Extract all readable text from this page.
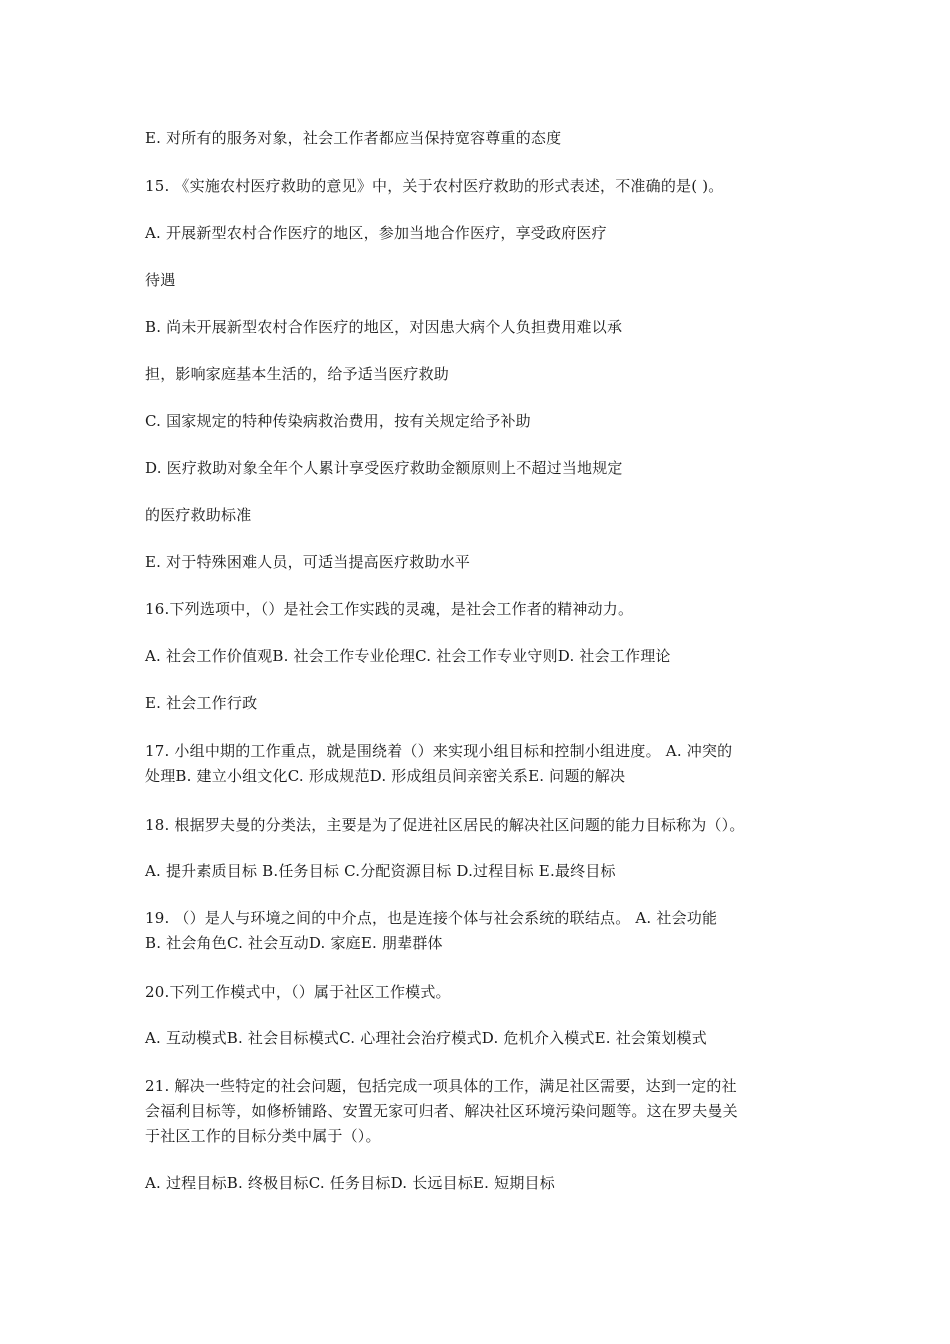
E. 对所有的服务对象，社会工作者都应当保持宽容尊重的态度
15. 《实施农村医疗救助的意见》中，关于农村医疗救助的形式表述，不准确的是( )。
A. 开展新型农村合作医疗的地区，参加当地合作医疗，享受政府医疗
待遇
B. 尚未开展新型农村合作医疗的地区，对因患大病个人负担费用难以承
担，影响家庭基本生活的，给予适当医疗救助
C. 国家规定的特种传染病救治费用，按有关规定给予补助
D. 医疗救助对象全年个人累计享受医疗救助金额原则上不超过当地规定
的医疗救助标准
E. 对于特殊困难人员，可适当提高医疗救助水平
16.下列选项中，（）是社会工作实践的灵魂，是社会工作者的精神动力。
A. 社会工作价值观B. 社会工作专业伦理C. 社会工作专业守则D. 社会工作理论
E. 社会工作行政
17. 小组中期的工作重点，就是围绕着（）来实现小组目标和控制小组进度。 A. 冲突的
处理B. 建立小组文化C. 形成规范D. 形成组员间亲密关系E. 问题的解决
18. 根据罗夫曼的分类法，主要是为了促进社区居民的解决社区问题的能力目标称为（）。
A. 提升素质目标 B.任务目标 C.分配资源目标 D.过程目标 E.最终目标
19. （）是人与环境之间的中介点，也是连接个体与社会系统的联结点。 A. 社会功能
B. 社会角色C. 社会互动D. 家庭E. 朋辈群体
20.下列工作模式中，（）属于社区工作模式。
A. 互动模式B. 社会目标模式C. 心理社会治疗模式D. 危机介入模式E. 社会策划模式
21. 解决一些特定的社会问题，包括完成一项具体的工作，满足社区需要，达到一定的社
会福利目标等，如修桥铺路、安置无家可归者、解决社区环境污染问题等。这在罗夫曼关
于社区工作的目标分类中属于（）。
A. 过程目标B. 终极目标C. 任务目标D. 长远目标E. 短期目标
